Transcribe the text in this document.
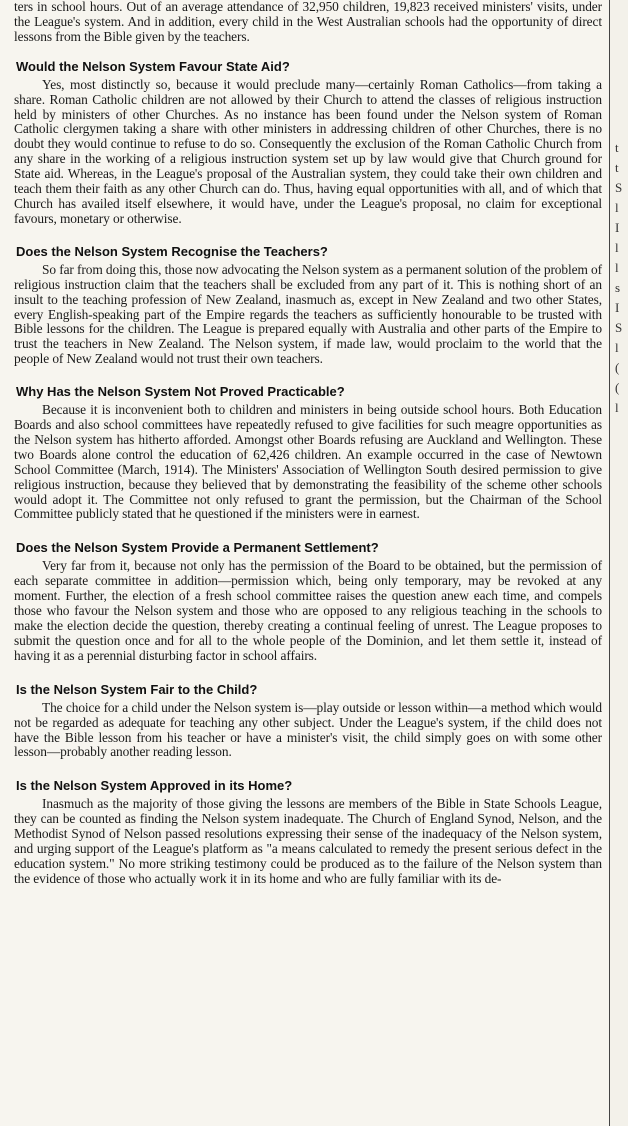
ters in school hours. Out of an average attendance of 32,950 children, 19,823 received ministers' visits, under the League's system. And in addition, every child in the West Australian schools had the opportunity of direct lessons from the Bible given by the teachers.

Would the Nelson System Favour State Aid?

Yes, most distinctly so, because it would preclude many—certainly Roman Catholics—from taking a share. Roman Catholic children are not allowed by their Church to attend the classes of religious instruction held by ministers of other Churches. As no instance has been found under the Nelson system of Roman Catholic clergymen taking a share with other ministers in addressing children of other Churches, there is no doubt they would continue to refuse to do so. Consequently the exclusion of the Roman Catholic Church from any share in the working of a religious instruction system set up by law would give that Church ground for State aid. Whereas, in the League's proposal of the Australian system, they could take their own children and teach them their faith as any other Church can do. Thus, having equal opportunities with all, and of which that Church has availed itself elsewhere, it would have, under the League's proposal, no claim for exceptional favours, monetary or otherwise.

Does the Nelson System Recognise the Teachers?

So far from doing this, those now advocating the Nelson system as a permanent solution of the problem of religious instruction claim that the teachers shall be excluded from any part of it. This is nothing short of an insult to the teaching profession of New Zealand, inasmuch as, except in New Zealand and two other States, every English-speaking part of the Empire regards the teachers as sufficiently honourable to be trusted with Bible lessons for the children. The League is prepared equally with Australia and other parts of the Empire to trust the teachers in New Zealand. The Nelson system, if made law, would proclaim to the world that the people of New Zealand would not trust their own teachers.

Why Has the Nelson System Not Proved Practicable?

Because it is inconvenient both to children and ministers in being outside school hours. Both Education Boards and also school committees have repeatedly refused to give facilities for such meagre opportunities as the Nelson system has hitherto afforded. Amongst other Boards refusing are Auckland and Wellington. These two Boards alone control the education of 62,426 children. An example occurred in the case of Newtown School Committee (March, 1914). The Ministers' Association of Wellington South desired permission to give religious instruction, because they believed that by demonstrating the feasibility of the scheme other schools would adopt it. The Committee not only refused to grant the permission, but the Chairman of the School Committee publicly stated that he questioned if the ministers were in earnest.

Does the Nelson System Provide a Permanent Settlement?

Very far from it, because not only has the permission of the Board to be obtained, but the permission of each separate committee in addition—permission which, being only temporary, may be revoked at any moment. Further, the election of a fresh school committee raises the question anew each time, and compels those who favour the Nelson system and those who are opposed to any religious teaching in the schools to make the election decide the question, thereby creating a continual feeling of unrest. The League proposes to submit the question once and for all to the whole people of the Dominion, and let them settle it, instead of having it as a perennial disturbing factor in school affairs.

Is the Nelson System Fair to the Child?

The choice for a child under the Nelson system is—play outside or lesson within—a method which would not be regarded as adequate for teaching any other subject. Under the League's system, if the child does not have the Bible lesson from his teacher or have a minister's visit, the child simply goes on with some other lesson—probably another reading lesson.

Is the Nelson System Approved in its Home?

Inasmuch as the majority of those giving the lessons are members of the Bible in State Schools League, they can be counted as finding the Nelson system inadequate. The Church of England Synod, Nelson, and the Methodist Synod of Nelson passed resolutions expressing their sense of the inadequacy of the Nelson system, and urging support of the League's platform as "a means calculated to remedy the present serious defect in the education system." No more striking testimony could be produced as to the failure of the Nelson system than the evidence of those who actually work it in its home and who are fully familiar with its de-

t
t
S
l
I
l
l
s
I
S
l
(
(
l
